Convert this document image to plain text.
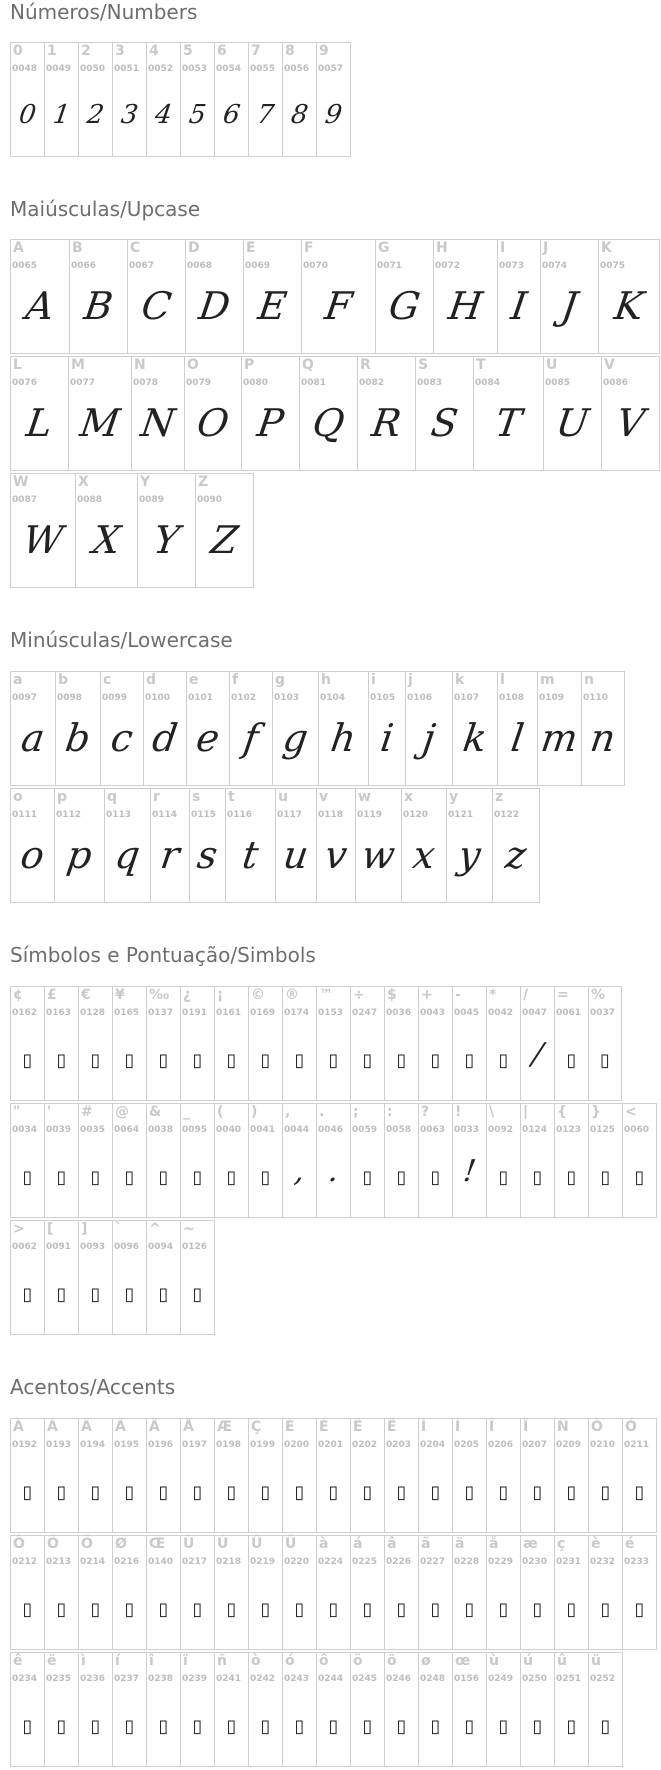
Números/Numbers
0
0048
0
1
0049
1
2
0050
2
3
0051
3
4
0052
4
5
0053
5
6
0054
6
7
0055
7
8
0056
8
9
0057
9
Maiúsculas/Upcase
A
0065
A
B
0066
B
C
0067
C
D
0068
D
E
0069
E
F
0070
F
G
0071
G
H
0072
H
I
0073
I
J
0074
J
K
0075
K
L
0076
L
M
0077
M
N
0078
N
O
0079
O
P
0080
P
Q
0081
Q
R
0082
R
S
0083
S
T
0084
T
U
0085
U
V
0086
V
W
0087
W
X
0088
X
Y
0089
Y
Z
0090
Z
Minúsculas/Lowercase
a
0097
a
b
0098
b
c
0099
c
d
0100
d
e
0101
e
f
0102
f
g
0103
g
h
0104
h
i
0105
i
j
0106
j
k
0107
k
l
0108
l
m
0109
m
n
0110
n
o
0111
o
p
0112
p
q
0113
q
r
0114
r
s
0115
s
t
0116
t
u
0117
u
v
0118
v
w
0119
w
x
0120
x
y
0121
y
z
0122
z
Símbolos e Pontuação/Simbols
¢
0162
▯
£
0163
▯
€
0128
▯
¥
0165
▯
‰
0137
▯
¿
0191
▯
¡
0161
▯
©
0169
▯
®
0174
▯
™
0153
▯
÷
0247
▯
$
0036
▯
+
0043
▯
-
0045
▯
*
0042
▯
/
0047
/
=
0061
▯
%
0037
▯
"
0034
▯
'
0039
▯
#
0035
▯
@
0064
▯
&
0038
▯
_
0095
▯
(
0040
▯
)
0041
▯
,
0044
,
.
0046
.
;
0059
▯
:
0058
▯
?
0063
▯
!
0033
!
\
0092
▯
|
0124
▯
{
0123
▯
}
0125
▯
<
0060
▯
>
0062
▯
[
0091
▯
]
0093
▯
`
0096
▯
^
0094
▯
~
0126
▯
Acentos/Accents
À
0192
▯
Á
0193
▯
Â
0194
▯
Ã
0195
▯
Ä
0196
▯
Å
0197
▯
Æ
0198
▯
Ç
0199
▯
È
0200
▯
É
0201
▯
Ê
0202
▯
Ë
0203
▯
Ì
0204
▯
Í
0205
▯
Î
0206
▯
Ï
0207
▯
Ñ
0209
▯
Ò
0210
▯
Ó
0211
▯
Ô
0212
▯
Õ
0213
▯
Ö
0214
▯
Ø
0216
▯
Œ
0140
▯
Ù
0217
▯
Ú
0218
▯
Û
0219
▯
Ü
0220
▯
à
0224
▯
á
0225
▯
â
0226
▯
ã
0227
▯
ä
0228
▯
å
0229
▯
æ
0230
▯
ç
0231
▯
è
0232
▯
é
0233
▯
ê
0234
▯
ë
0235
▯
ì
0236
▯
í
0237
▯
î
0238
▯
ï
0239
▯
ñ
0241
▯
ò
0242
▯
ó
0243
▯
ô
0244
▯
õ
0245
▯
ö
0246
▯
ø
0248
▯
œ
0156
▯
ù
0249
▯
ú
0250
▯
û
0251
▯
ü
0252
▯
